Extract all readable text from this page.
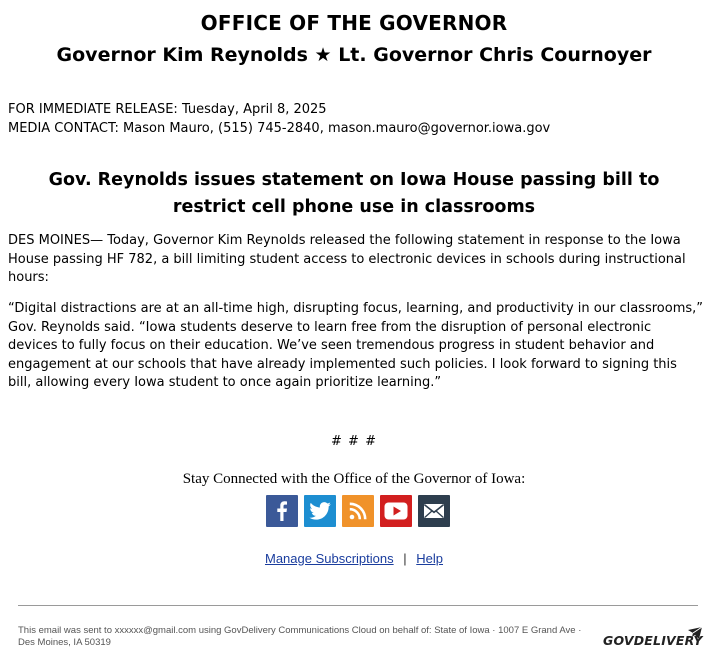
OFFICE OF THE GOVERNOR
Governor Kim Reynolds ★ Lt. Governor Chris Cournoyer
FOR IMMEDIATE RELEASE: Tuesday, April 8, 2025
MEDIA CONTACT: Mason Mauro, (515) 745-2840, mason.mauro@governor.iowa.gov
Gov. Reynolds issues statement on Iowa House passing bill to restrict cell phone use in classrooms
DES MOINES— Today, Governor Kim Reynolds released the following statement in response to the Iowa House passing HF 782, a bill limiting student access to electronic devices in schools during instructional hours:
“Digital distractions are at an all-time high, disrupting focus, learning, and productivity in our classrooms,” Gov. Reynolds said. “Iowa students deserve to learn free from the disruption of personal electronic devices to fully focus on their education. We’ve seen tremendous progress in student behavior and engagement at our schools that have already implemented such policies. I look forward to signing this bill, allowing every Iowa student to once again prioritize learning.”
# # #
Stay Connected with the Office of the Governor of Iowa:
Manage Subscriptions | Help
This email was sent to xxxxxx@gmail.com using GovDelivery Communications Cloud on behalf of: State of Iowa · 1007 E Grand Ave · Des Moines, IA 50319	GOVDELIVERY
